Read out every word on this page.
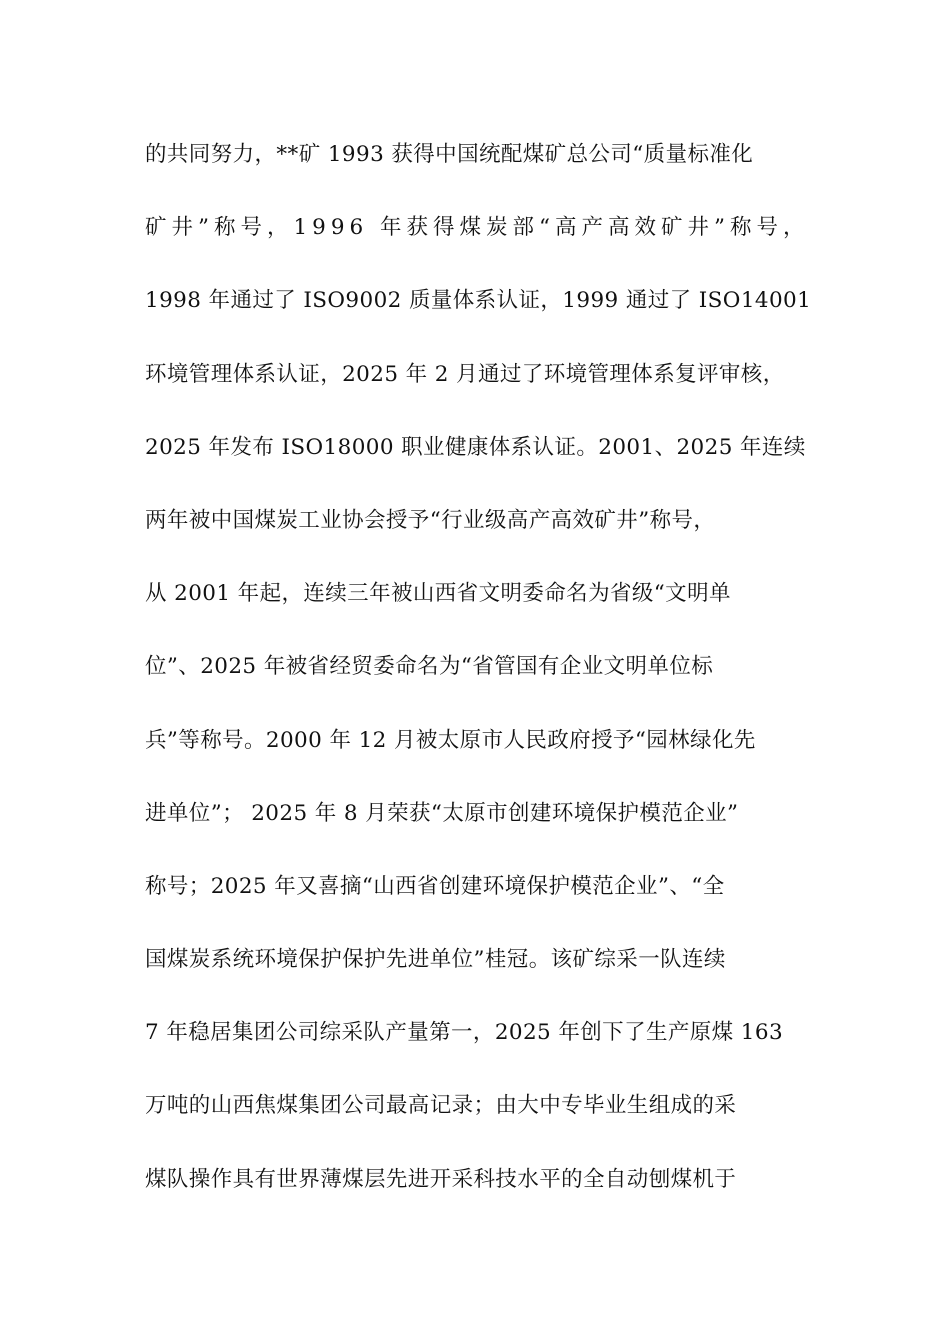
的共同努力，**矿 1993 获得中国统配煤矿总公司“质量标准化
矿井”称号，1996 年获得煤炭部“高产高效矿井”称号，
1998 年通过了 ISO9002 质量体系认证，1999 通过了 ISO14001
环境管理体系认证，2025 年 2 月通过了环境管理体系复评审核，
2025 年发布 ISO18000 职业健康体系认证。2001、2025 年连续
两年被中国煤炭工业协会授予“行业级高产高效矿井”称号，
从 2001 年起，连续三年被山西省文明委命名为省级“文明单
位”、2025 年被省经贸委命名为“省管国有企业文明单位标
兵”等称号。2000 年 12 月被太原市人民政府授予“园林绿化先
进单位”； 2025 年 8 月荣获“太原市创建环境保护模范企业”
称号；2025 年又喜摘“山西省创建环境保护模范企业”、“全
国煤炭系统环境保护保护先进单位”桂冠。该矿综采一队连续
7 年稳居集团公司综采队产量第一，2025 年创下了生产原煤 163
万吨的山西焦煤集团公司最高记录；由大中专毕业生组成的采
煤队操作具有世界薄煤层先进开采科技水平的全自动刨煤机于
